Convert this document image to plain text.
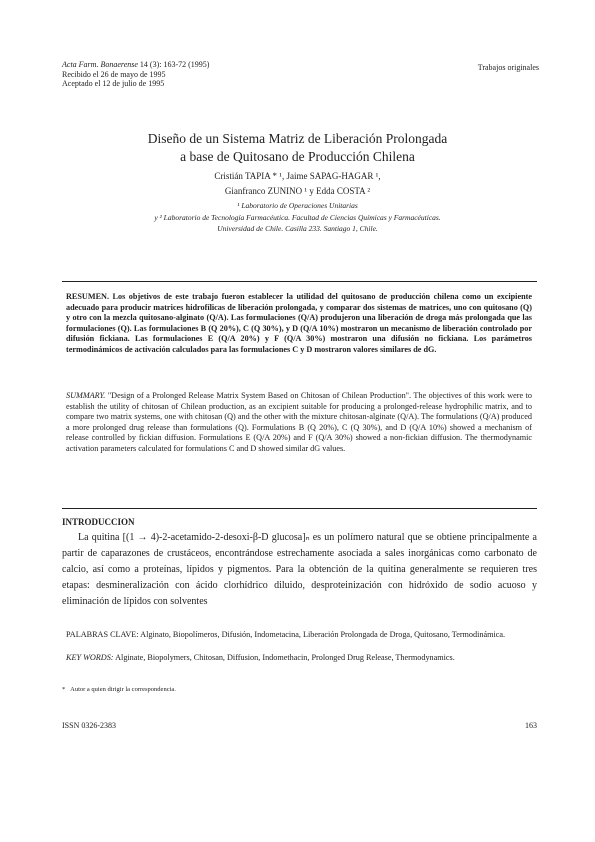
Acta Farm. Bonaerense 14 (3): 163-72 (1995)
Recibido el 26 de mayo de 1995
Aceptado el 12 de julio de 1995
Trabajos originales
Diseño de un Sistema Matriz de Liberación Prolongada
a base de Quitosano de Producción Chilena
Cristián TAPIA * ¹, Jaime SAPAG-HAGAR ¹,
Gianfranco ZUNINO ¹ y Edda COSTA ²
¹ Laboratorio de Operaciones Unitarias
y ² Laboratorio de Tecnología Farmacéutica. Facultad de Ciencias Químicas y Farmacéuticas.
Universidad de Chile. Casilla 233. Santiago 1, Chile.
RESUMEN. Los objetivos de este trabajo fueron establecer la utilidad del quitosano de producción chilena como un excipiente adecuado para producir matrices hidrofílicas de liberación prolongada, y comparar dos sistemas de matrices, uno con quitosano (Q) y otro con la mezcla quitosano-alginato (Q/A). Las formulaciones (Q/A) produjeron una liberación de droga más prolongada que las formulaciones (Q). Las formulaciones B (Q 20%), C (Q 30%), y D (Q/A 10%) mostraron un mecanismo de liberación controlado por difusión fickiana. Las formulaciones E (Q/A 20%) y F (Q/A 30%) mostraron una difusión no fickiana. Los parámetros termodinámicos de activación calculados para las formulaciones C y D mostraron valores similares de dG.
SUMMARY. "Design of a Prolonged Release Matrix System Based on Chitosan of Chilean Production". The objectives of this work were to establish the utility of chitosan of Chilean production, as an excipient suitable for producing a prolonged-release hydrophilic matrix, and to compare two matrix systems, one with chitosan (Q) and the other with the mixture chitosan-alginate (Q/A). The formulations (Q/A) produced a more prolonged drug release than formulations (Q). Formulations B (Q 20%), C (Q 30%), and D (Q/A 10%) showed a mechanism of release controlled by fickian diffusion. Formulations E (Q/A 20%) and F (Q/A 30%) showed a non-fickian diffusion. The thermodynamic activation parameters calculated for formulations C and D showed similar dG values.
INTRODUCCION
La quitina [(1 → 4)-2-acetamido-2-desoxi-β-D glucosa]ₙ es un polímero natural que se obtiene principalmente a partir de caparazones de crustáceos, encontrándose estrechamente asociada a sales inorgánicas como carbonato de calcio, así como a proteínas, lípidos y pigmentos. Para la obtención de la quitina generalmente se requieren tres etapas: desmineralización con ácido clorhídrico diluido, desproteinización con hidróxido de sodio acuoso y eliminación de lípidos con solventes
PALABRAS CLAVE: Alginato, Biopolímeros, Difusión, Indometacina, Liberación Prolongada de Droga, Quitosano, Termodinámica.
KEY WORDS: Alginate, Biopolymers, Chitosan, Diffusion, Indomethacin, Prolonged Drug Release, Thermodynamics.
* Autor a quien dirigir la correspondencia.
ISSN 0326-2383	163
